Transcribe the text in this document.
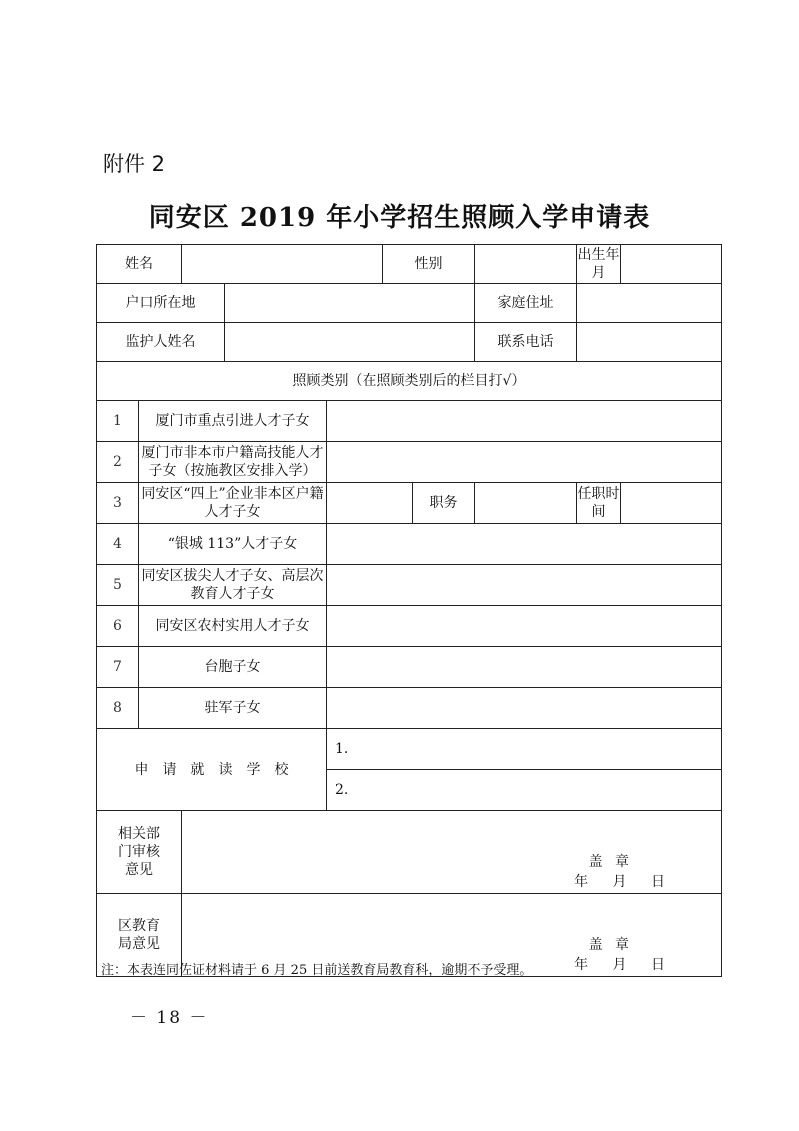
附件 2
同安区 2019 年小学招生照顾入学申请表
姓名					性别			出生年月	
户口所在地							家庭住址		
监护人姓名							联系电话		
照顾类别（在照顾类别后的栏目打√）									
1	厦门市重点引进人才子女								
2	厦门市非本市户籍高技能人才子女（按施教区安排入学）								
3	同安区“四上”企业非本区户籍人才子女					职务		任职时间	
4	“银城 113”人才子女								
5	同安区拔尖人才子女、高层次教育人才子女								
6	同安区农村实用人才子女								
7	台胞子女								
8	驻军子女								
申请就读学校				1.					
				2.					
相关部门审核意见		盖 章
年 月 日							

区教育局意见		盖 章
年 月 日							
注：本表连同佐证材料请于 6 月 25 日前送教育局教育科，逾期不予受理。
－ 18 －
